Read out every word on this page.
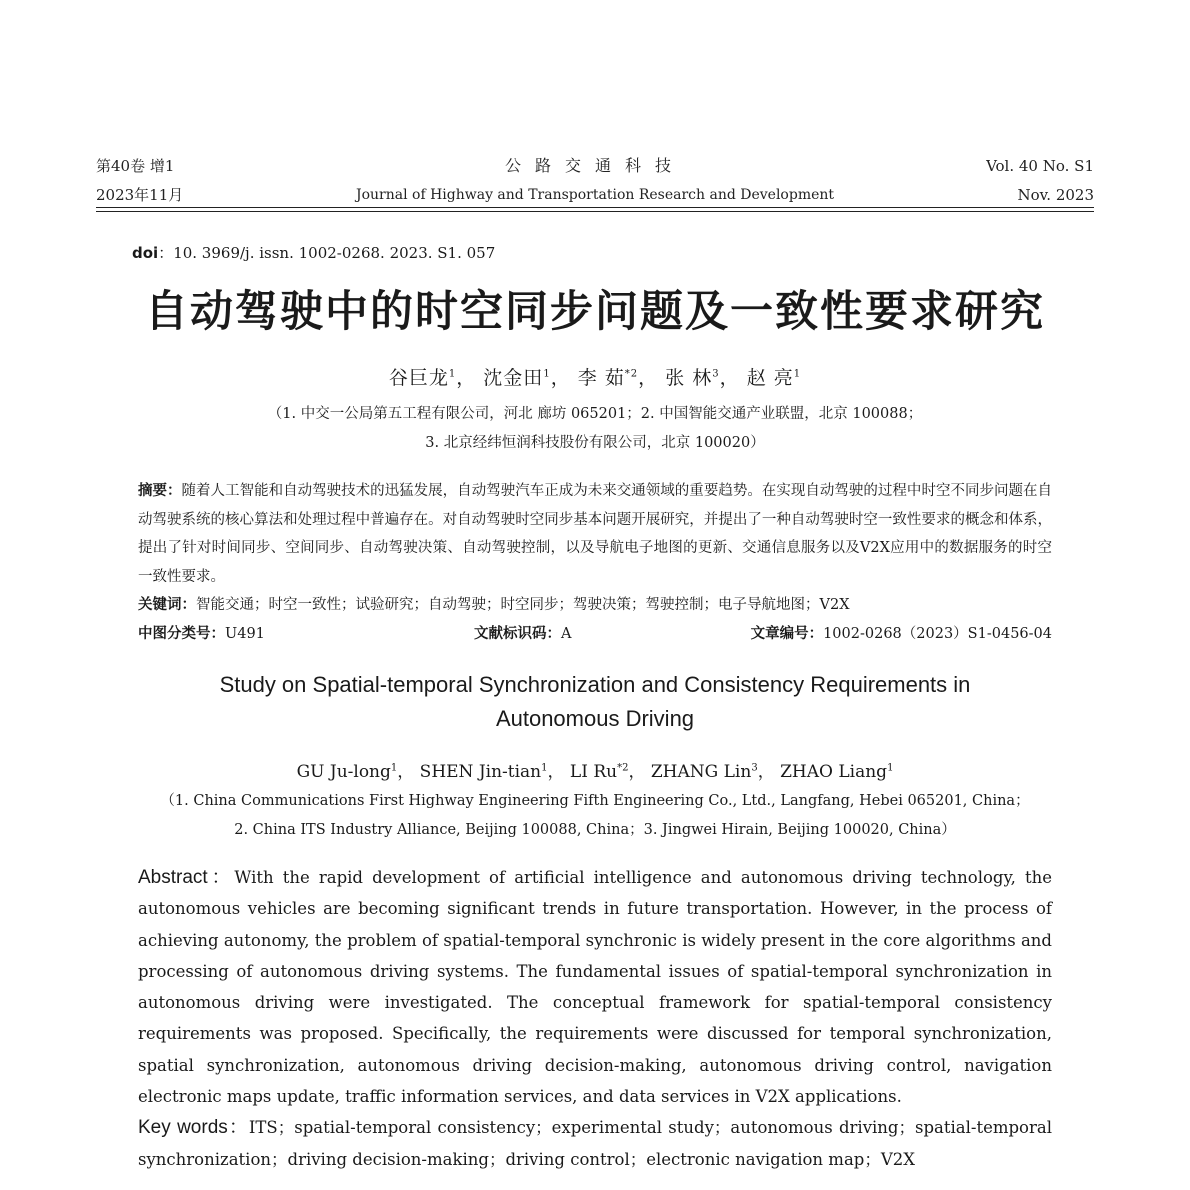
第40卷 增1
2023年11月
公路交通科技
Journal of Highway and Transportation Research and Development
Vol. 40 No. S1
Nov. 2023
doi：10. 3969/j. issn. 1002-0268. 2023. S1. 057
自动驾驶中的时空同步问题及一致性要求研究
谷巨龙$^1$， 沈金田$^1$， 李 茹$^{*2}$， 张 林$^3$， 赵 亮$^1$
（1. 中交一公局第五工程有限公司，河北 廊坊 065201；2. 中国智能交通产业联盟，北京 100088；
3. 北京经纬恒润科技股份有限公司，北京 100020）
摘要：随着人工智能和自动驾驶技术的迅猛发展，自动驾驶汽车正成为未来交通领域的重要趋势。在实现自动驾驶的过程中时空不同步问题在自动驾驶系统的核心算法和处理过程中普遍存在。对自动驾驶时空同步基本问题开展研究，并提出了一种自动驾驶时空一致性要求的概念和体系，提出了针对时间同步、空间同步、自动驾驶决策、自动驾驶控制，以及导航电子地图的更新、交通信息服务以及V2X应用中的数据服务的时空一致性要求。
关键词：智能交通；时空一致性；试验研究；自动驾驶；时空同步；驾驶决策；驾驶控制；电子导航地图；V2X
中图分类号：U491	文献标识码：A	文章编号：1002-0268（2023）S1-0456-04
Study on Spatial-temporal Synchronization and Consistency Requirements in
Autonomous Driving
GU Ju-long$^1$， SHEN Jin-tian$^1$， LI Ru$^{*2}$， ZHANG Lin$^3$， ZHAO Liang$^1$
（1. China Communications First Highway Engineering Fifth Engineering Co., Ltd., Langfang, Hebei 065201, China；
2. China ITS Industry Alliance, Beijing 100088, China；3. Jingwei Hirain, Beijing 100020, China）
Abstract：With the rapid development of artificial intelligence and autonomous driving technology, the autonomous vehicles are becoming significant trends in future transportation. However, in the process of achieving autonomy, the problem of spatial-temporal synchronic is widely present in the core algorithms and processing of autonomous driving systems. The fundamental issues of spatial-temporal synchronization in autonomous driving were investigated. The conceptual framework for spatial-temporal consistency requirements was proposed. Specifically, the requirements were discussed for temporal synchronization, spatial synchronization, autonomous driving decision-making, autonomous driving control, navigation electronic maps update, traffic information services, and data services in V2X applications.
Key words：ITS；spatial-temporal consistency；experimental study；autonomous driving；spatial-temporal synchronization；driving decision-making；driving control；electronic navigation map；V2X
